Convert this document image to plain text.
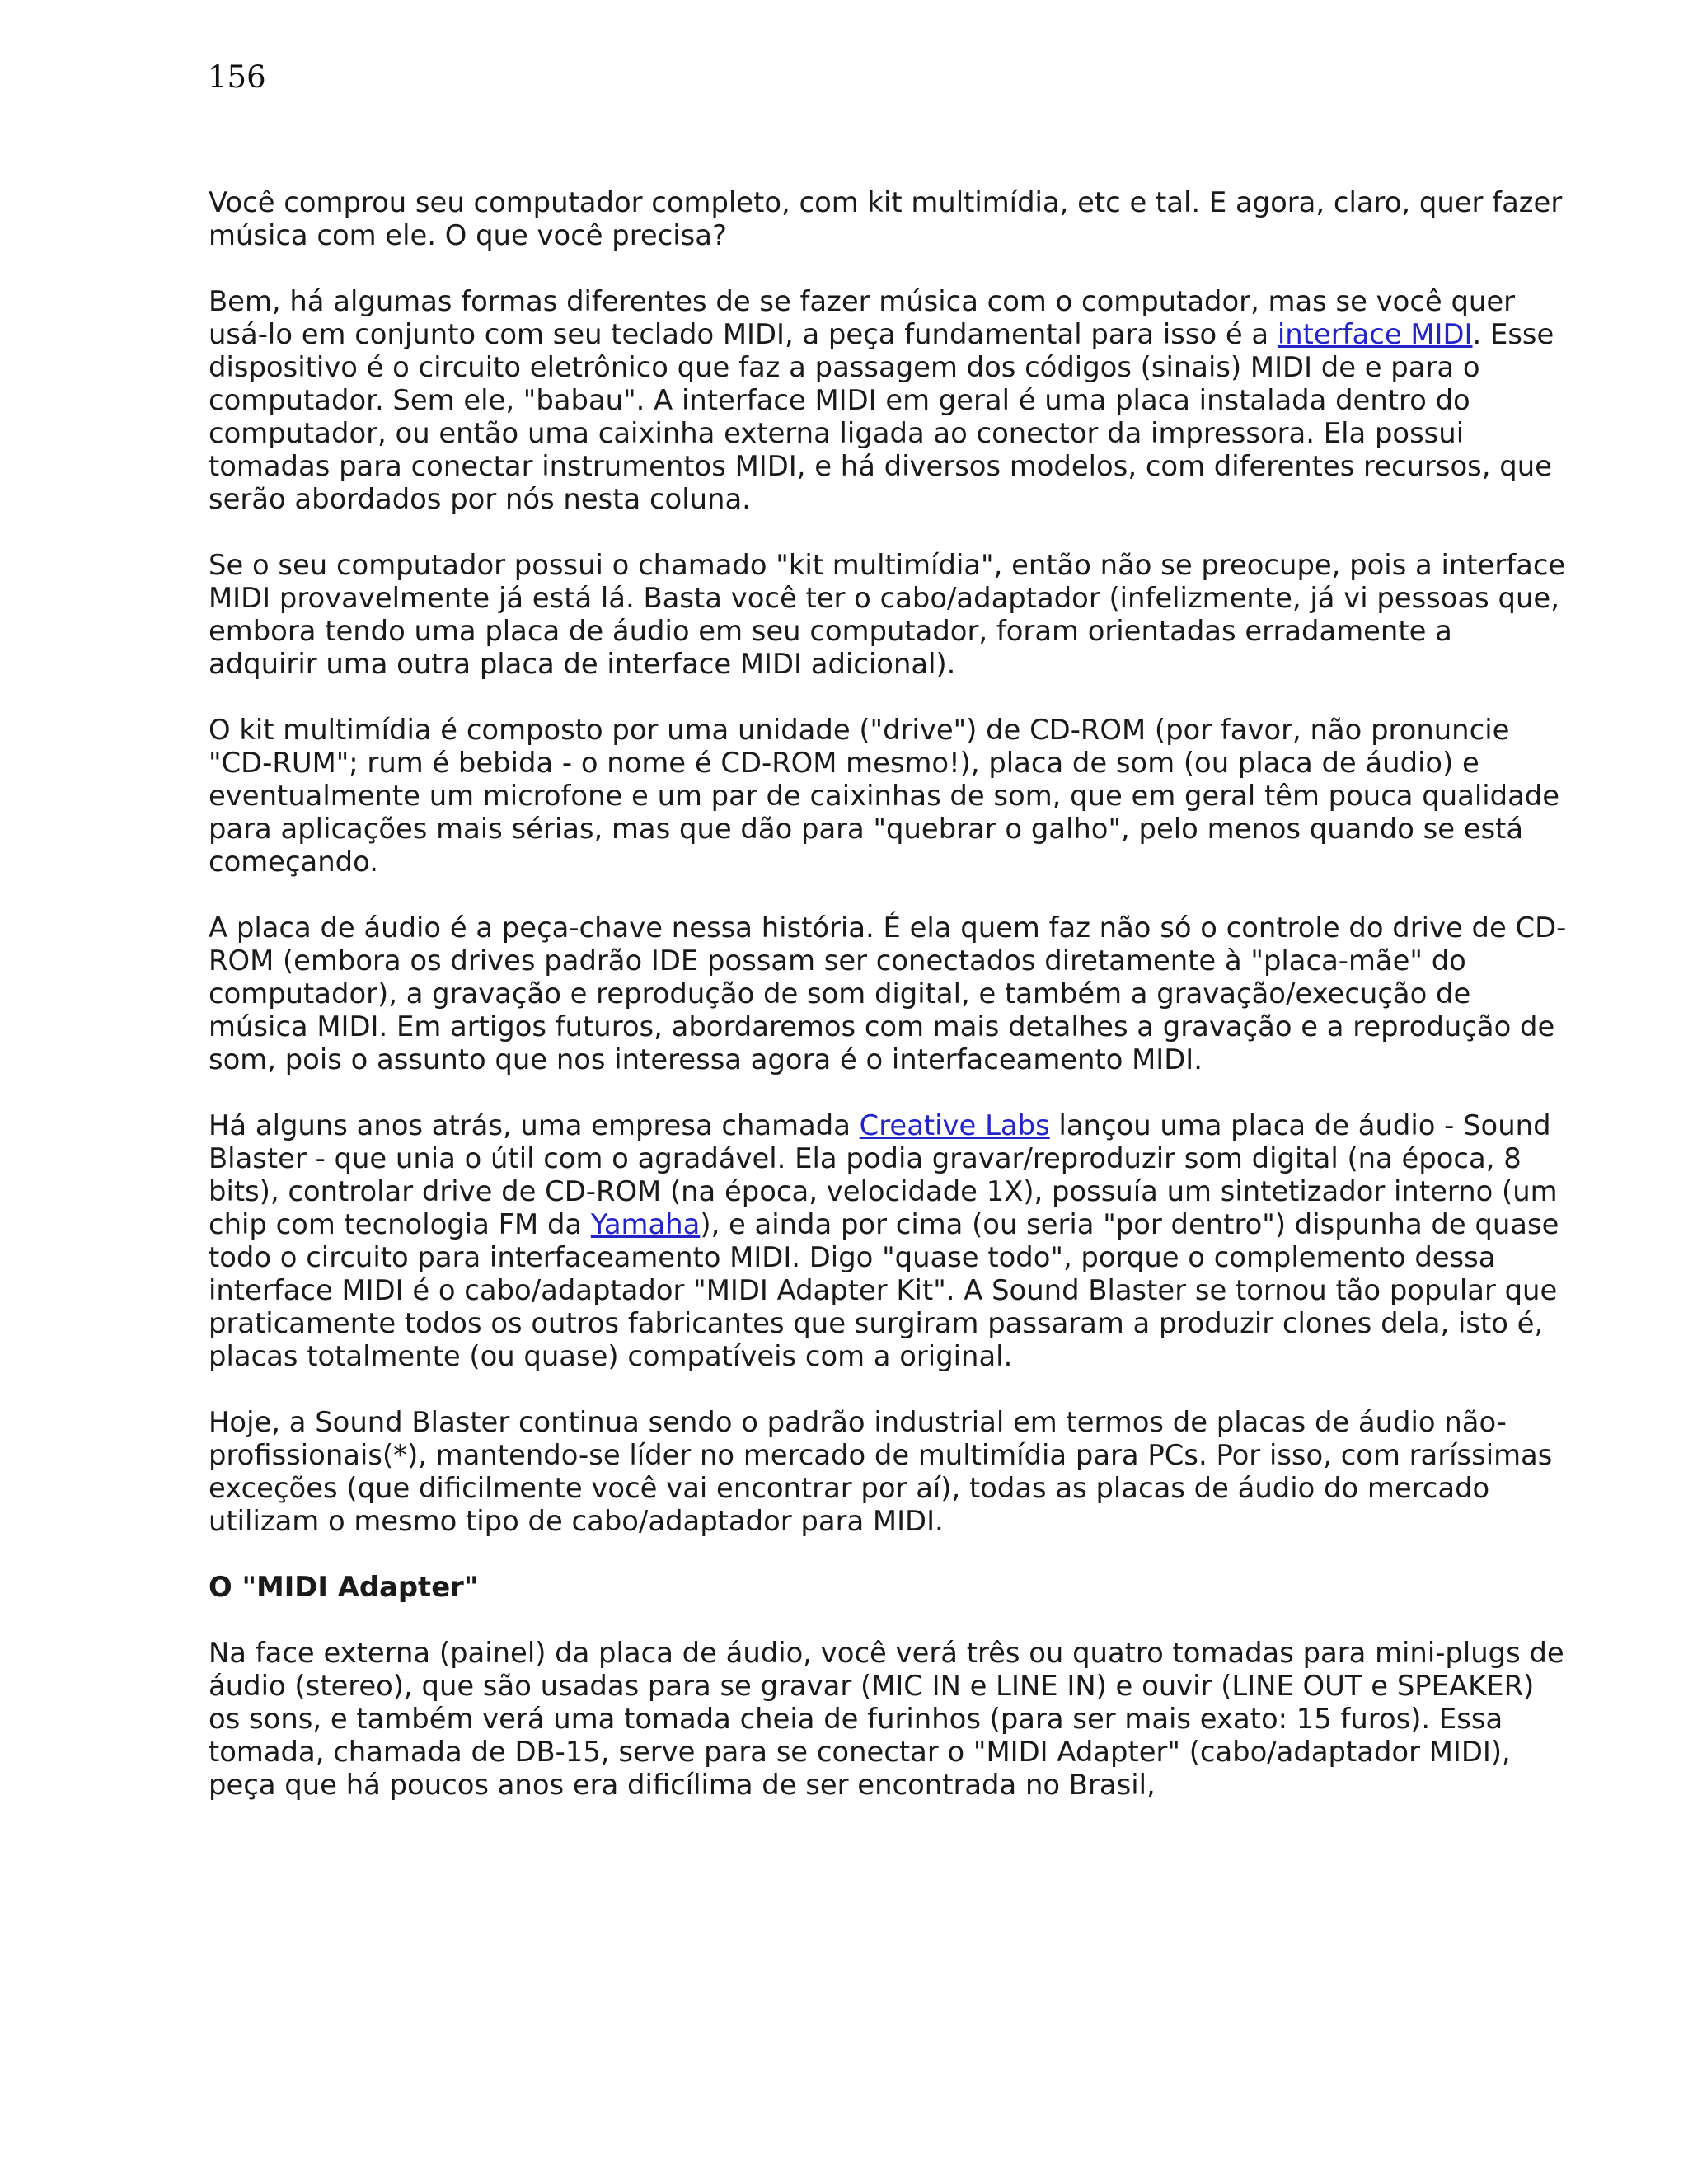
156

Você comprou seu computador completo, com kit multimídia, etc e tal. E agora, claro, quer fazer música com ele. O que você precisa?

Bem, há algumas formas diferentes de se fazer música com o computador, mas se você quer usá-lo em conjunto com seu teclado MIDI, a peça fundamental para isso é a interface MIDI. Esse dispositivo é o circuito eletrônico que faz a passagem dos códigos (sinais) MIDI de e para o computador. Sem ele, "babau". A interface MIDI em geral é uma placa instalada dentro do computador, ou então uma caixinha externa ligada ao conector da impressora. Ela possui tomadas para conectar instrumentos MIDI, e há diversos modelos, com diferentes recursos, que serão abordados por nós nesta coluna.

Se o seu computador possui o chamado "kit multimídia", então não se preocupe, pois a interface MIDI provavelmente já está lá. Basta você ter o cabo/adaptador (infelizmente, já vi pessoas que, embora tendo uma placa de áudio em seu computador, foram orientadas erradamente a adquirir uma outra placa de interface MIDI adicional).

O kit multimídia é composto por uma unidade ("drive") de CD-ROM (por favor, não pronuncie "CD-RUM"; rum é bebida - o nome é CD-ROM mesmo!), placa de som (ou placa de áudio) e eventualmente um microfone e um par de caixinhas de som, que em geral têm pouca qualidade para aplicações mais sérias, mas que dão para "quebrar o galho", pelo menos quando se está começando.

A placa de áudio é a peça-chave nessa história. É ela quem faz não só o controle do drive de CD-ROM (embora os drives padrão IDE possam ser conectados diretamente à "placa-mãe" do computador), a gravação e reprodução de som digital, e também a gravação/execução de música MIDI. Em artigos futuros, abordaremos com mais detalhes a gravação e a reprodução de som, pois o assunto que nos interessa agora é o interfaceamento MIDI.

Há alguns anos atrás, uma empresa chamada Creative Labs lançou uma placa de áudio - Sound Blaster - que unia o útil com o agradável. Ela podia gravar/reproduzir som digital (na época, 8 bits), controlar drive de CD-ROM (na época, velocidade 1X), possuía um sintetizador interno (um chip com tecnologia FM da Yamaha), e ainda por cima (ou seria "por dentro") dispunha de quase todo o circuito para interfaceamento MIDI. Digo "quase todo", porque o complemento dessa interface MIDI é o cabo/adaptador "MIDI Adapter Kit". A Sound Blaster se tornou tão popular que praticamente todos os outros fabricantes que surgiram passaram a produzir clones dela, isto é, placas totalmente (ou quase) compatíveis com a original.

Hoje, a Sound Blaster continua sendo o padrão industrial em termos de placas de áudio não-profissionais(*), mantendo-se líder no mercado de multimídia para PCs. Por isso, com raríssimas exceções (que dificilmente você vai encontrar por aí), todas as placas de áudio do mercado utilizam o mesmo tipo de cabo/adaptador para MIDI.

O "MIDI Adapter"

Na face externa (painel) da placa de áudio, você verá três ou quatro tomadas para mini-plugs de áudio (stereo), que são usadas para se gravar (MIC IN e LINE IN) e ouvir (LINE OUT e SPEAKER) os sons, e também verá uma tomada cheia de furinhos (para ser mais exato: 15 furos). Essa tomada, chamada de DB-15, serve para se conectar o "MIDI Adapter" (cabo/adaptador MIDI), peça que há poucos anos era dificílima de ser encontrada no Brasil,
